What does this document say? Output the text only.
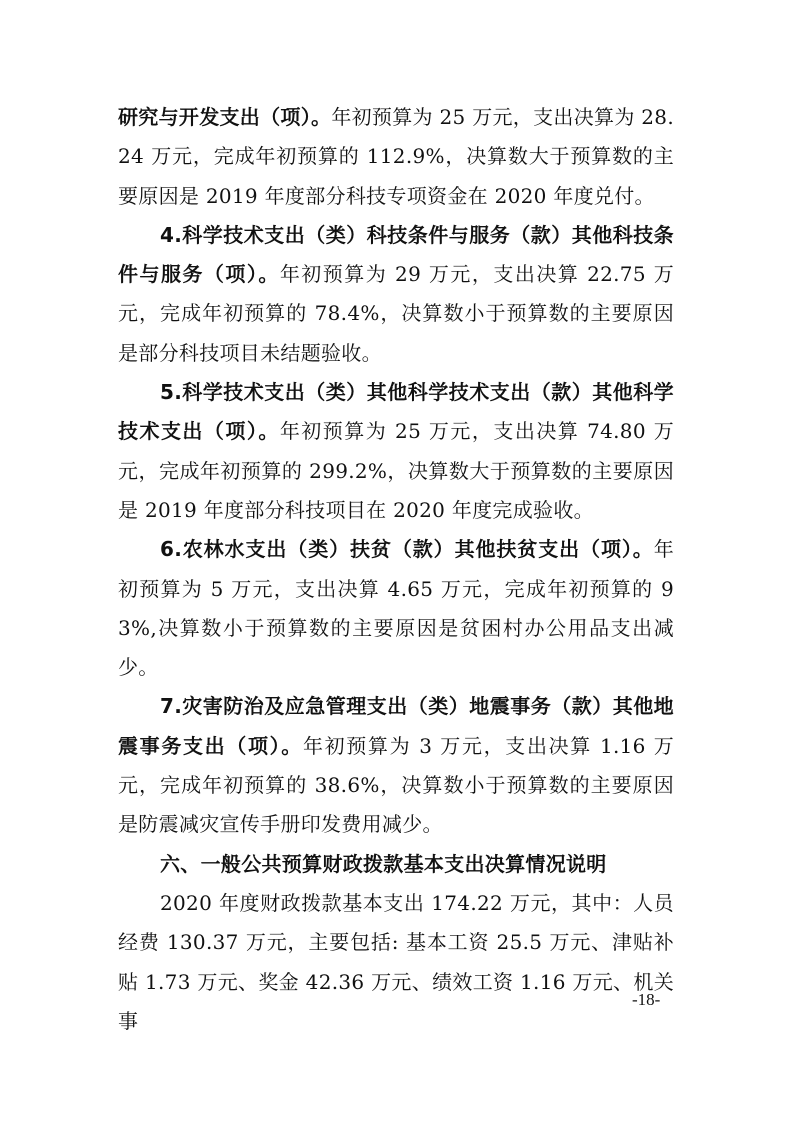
研究与开发支出（项）。年初预算为 25 万元，支出决算为 28.24 万元，完成年初预算的 112.9%，决算数大于预算数的主要原因是 2019 年度部分科技专项资金在 2020 年度兑付。

4.科学技术支出（类）科技条件与服务（款）其他科技条件与服务（项）。年初预算为 29 万元，支出决算 22.75 万元，完成年初预算的 78.4%，决算数小于预算数的主要原因是部分科技项目未结题验收。

5.科学技术支出（类）其他科学技术支出（款）其他科学技术支出（项）。年初预算为 25 万元，支出决算 74.80 万元，完成年初预算的 299.2%，决算数大于预算数的主要原因是 2019 年度部分科技项目在 2020 年度完成验收。

6.农林水支出（类）扶贫（款）其他扶贫支出（项）。年初预算为 5 万元，支出决算 4.65 万元，完成年初预算的 93%,决算数小于预算数的主要原因是贫困村办公用品支出减少。

7.灾害防治及应急管理支出（类）地震事务（款）其他地震事务支出（项）。年初预算为 3 万元，支出决算 1.16 万元，完成年初预算的 38.6%，决算数小于预算数的主要原因是防震减灾宣传手册印发费用减少。

六、一般公共预算财政拨款基本支出决算情况说明

2020 年度财政拨款基本支出 174.22 万元，其中：人员经费 130.37 万元，主要包括: 基本工资 25.5 万元、津贴补贴 1.73 万元、奖金 42.36 万元、绩效工资 1.16 万元、机关事

-18-
